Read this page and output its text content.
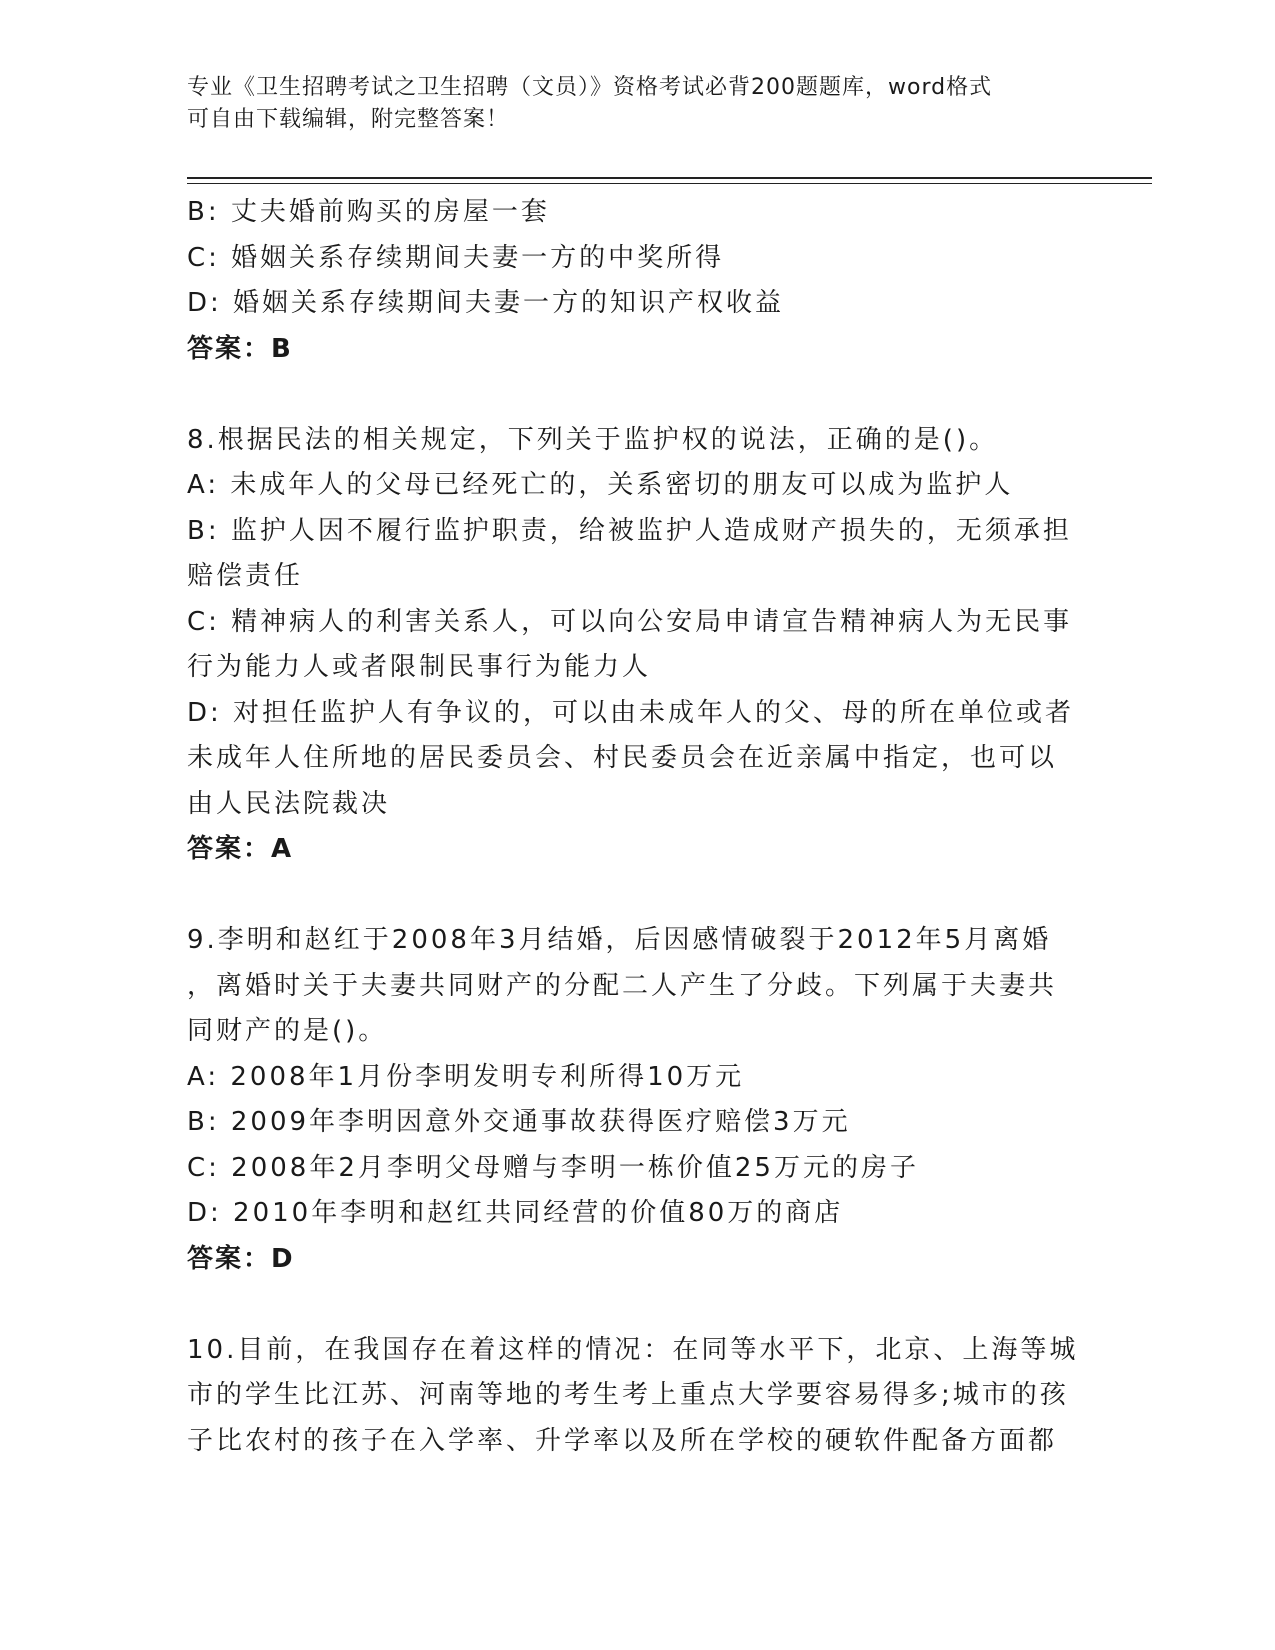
专业《卫生招聘考试之卫生招聘（文员）》资格考试必背200题题库，word格式
可自由下载编辑，附完整答案！
B: 丈夫婚前购买的房屋一套
C: 婚姻关系存续期间夫妻一方的中奖所得
D: 婚姻关系存续期间夫妻一方的知识产权收益
答案：B
8.根据民法的相关规定，下列关于监护权的说法，正确的是()。
A: 未成年人的父母已经死亡的，关系密切的朋友可以成为监护人
B: 监护人因不履行监护职责，给被监护人造成财产损失的，无须承担
赔偿责任
C: 精神病人的利害关系人，可以向公安局申请宣告精神病人为无民事
行为能力人或者限制民事行为能力人
D: 对担任监护人有争议的，可以由未成年人的父、母的所在单位或者
未成年人住所地的居民委员会、村民委员会在近亲属中指定，也可以
由人民法院裁决
答案：A
9.李明和赵红于2008年3月结婚，后因感情破裂于2012年5月离婚
，离婚时关于夫妻共同财产的分配二人产生了分歧。下列属于夫妻共
同财产的是()。
A: 2008年1月份李明发明专利所得10万元
B: 2009年李明因意外交通事故获得医疗赔偿3万元
C: 2008年2月李明父母赠与李明一栋价值25万元的房子
D: 2010年李明和赵红共同经营的价值80万的商店
答案：D
10.目前，在我国存在着这样的情况：在同等水平下，北京、上海等城
市的学生比江苏、河南等地的考生考上重点大学要容易得多;城市的孩
子比农村的孩子在入学率、升学率以及所在学校的硬软件配备方面都
